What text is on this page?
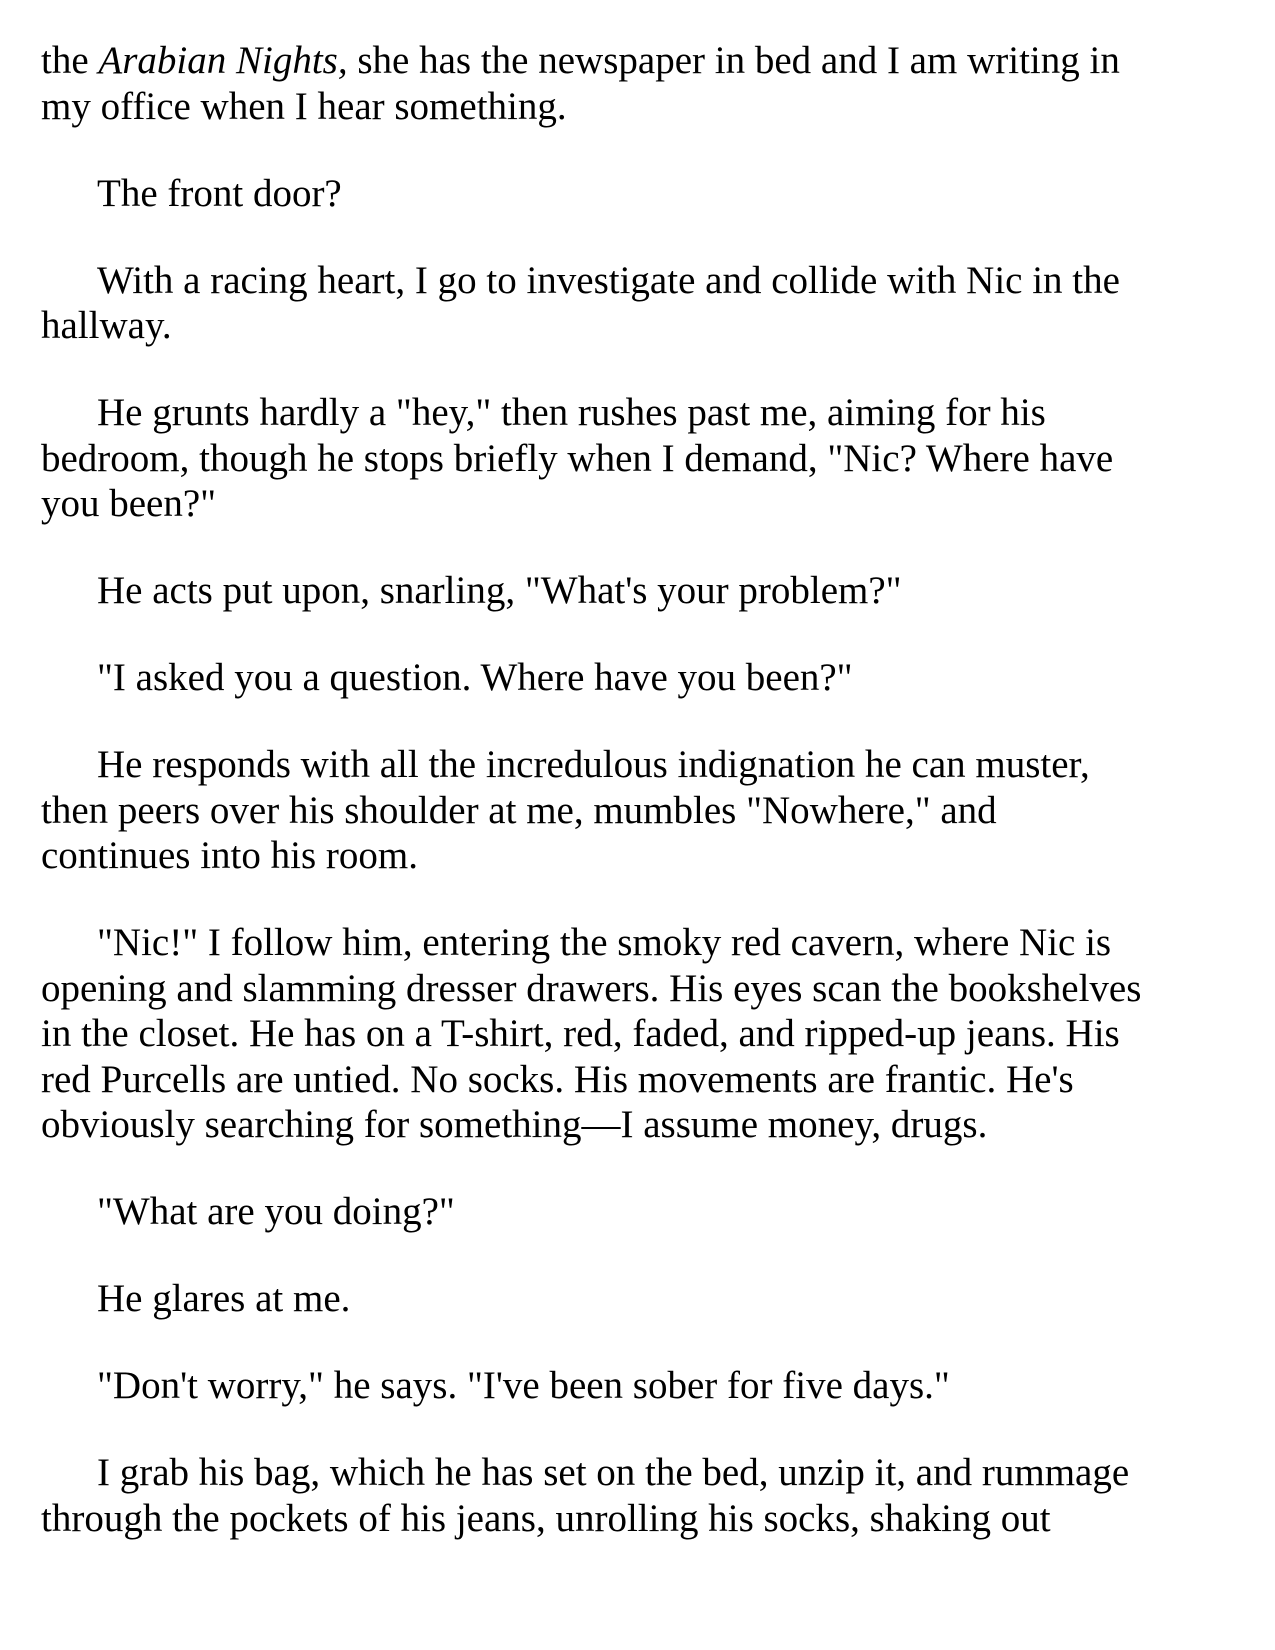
the Arabian Nights, she has the newspaper in bed and I am writing in
my office when I hear something.

The front door?

With a racing heart, I go to investigate and collide with Nic in the
hallway.

He grunts hardly a "hey," then rushes past me, aiming for his
bedroom, though he stops briefly when I demand, "Nic? Where have
you been?"

He acts put upon, snarling, "What's your problem?"

"I asked you a question. Where have you been?"

He responds with all the incredulous indignation he can muster,
then peers over his shoulder at me, mumbles "Nowhere," and
continues into his room.

"Nic!" I follow him, entering the smoky red cavern, where Nic is
opening and slamming dresser drawers. His eyes scan the bookshelves
in the closet. He has on a T-shirt, red, faded, and ripped-up jeans. His
red Purcells are untied. No socks. His movements are frantic. He's
obviously searching for something—I assume money, drugs.

"What are you doing?"

He glares at me.

"Don't worry," he says. "I've been sober for five days."

I grab his bag, which he has set on the bed, unzip it, and rummage
through the pockets of his jeans, unrolling his socks, shaking out
